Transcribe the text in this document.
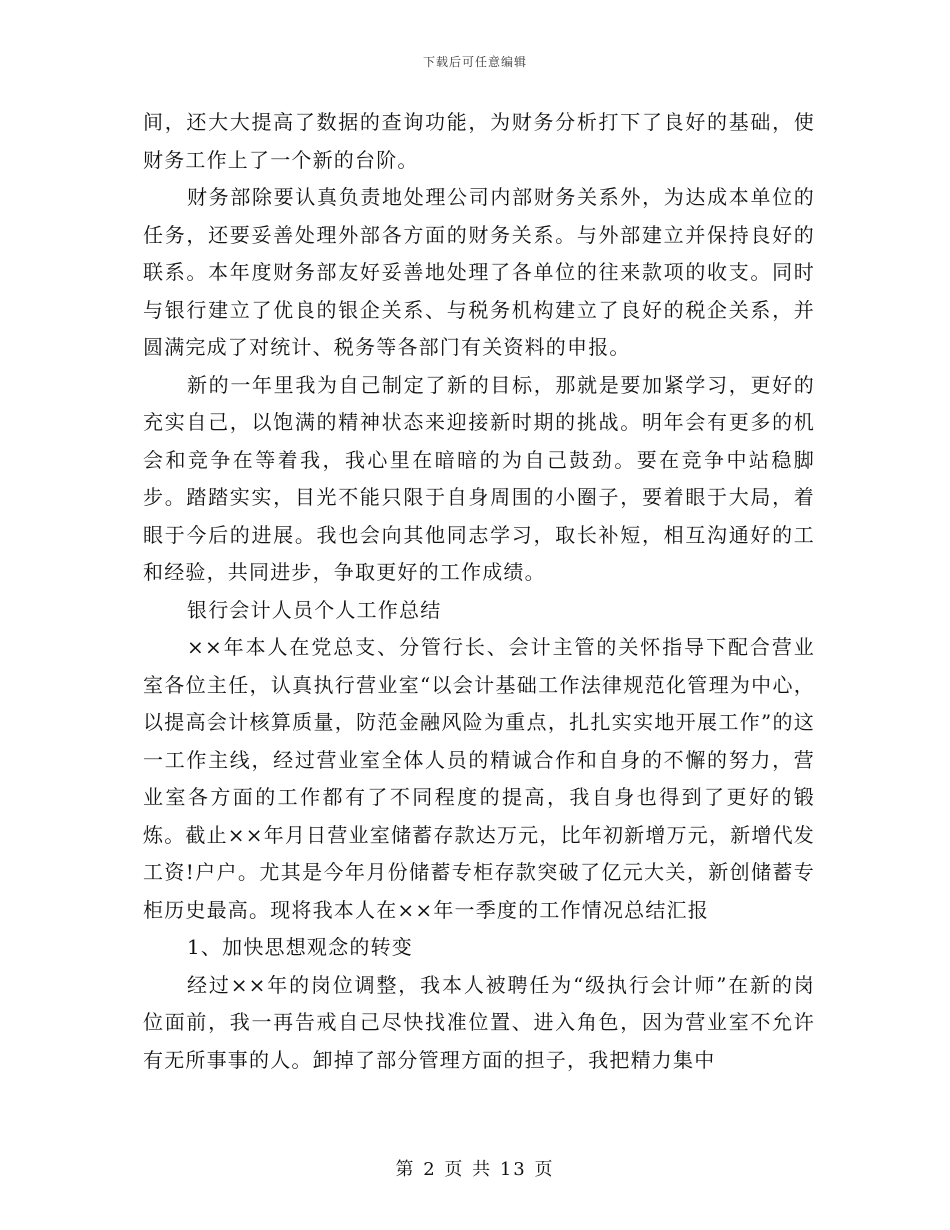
下载后可任意编辑

间，还大大提高了数据的查询功能，为财务分析打下了良好的基础，使财务工作上了一个新的台阶。

财务部除要认真负责地处理公司内部财务关系外，为达成本单位的任务，还要妥善处理外部各方面的财务关系。与外部建立并保持良好的联系。本年度财务部友好妥善地处理了各单位的往来款项的收支。同时与银行建立了优良的银企关系、与税务机构建立了良好的税企关系，并圆满完成了对统计、税务等各部门有关资料的申报。

新的一年里我为自己制定了新的目标，那就是要加紧学习，更好的充实自己，以饱满的精神状态来迎接新时期的挑战。明年会有更多的机会和竞争在等着我，我心里在暗暗的为自己鼓劲。要在竞争中站稳脚步。踏踏实实，目光不能只限于自身周围的小圈子，要着眼于大局，着眼于今后的进展。我也会向其他同志学习，取长补短，相互沟通好的工和经验，共同进步，争取更好的工作成绩。

银行会计人员个人工作总结

××年本人在党总支、分管行长、会计主管的关怀指导下配合营业室各位主任，认真执行营业室“以会计基础工作法律规范化管理为中心，以提高会计核算质量，防范金融风险为重点，扎扎实实地开展工作”的这一工作主线，经过营业室全体人员的精诚合作和自身的不懈的努力，营业室各方面的工作都有了不同程度的提高，我自身也得到了更好的锻炼。截止××年月日营业室储蓄存款达万元，比年初新增万元，新增代发工资!户户。尤其是今年月份储蓄专柜存款突破了亿元大关，新创储蓄专柜历史最高。现将我本人在××年一季度的工作情况总结汇报

1、加快思想观念的转变

经过××年的岗位调整，我本人被聘任为“级执行会计师”在新的岗位面前，我一再告戒自己尽快找准位置、进入角色，因为营业室不允许有无所事事的人。卸掉了部分管理方面的担子，我把精力集中

第 2 页 共 13 页
